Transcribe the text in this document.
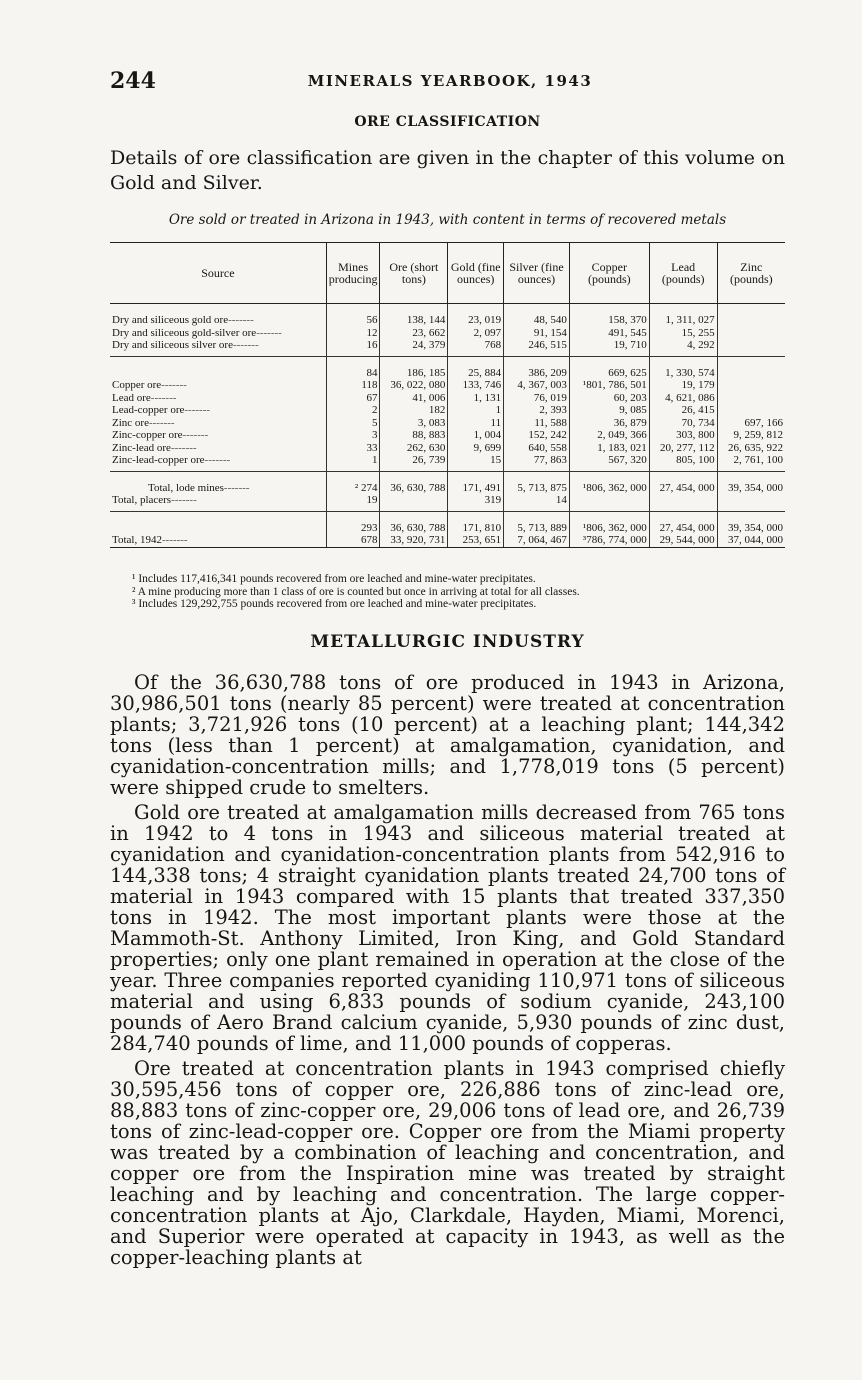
244	MINERALS YEARBOOK, 1943
ORE CLASSIFICATION
Details of ore classification are given in the chapter of this volume on Gold and Silver.
Ore sold or treated in Arizona in 1943, with content in terms of recovered metals
Source	Mines producing	Ore (short tons)	Gold (fine ounces)	Silver (fine ounces)	Copper (pounds)	Lead (pounds)	Zinc (pounds)
Dry and siliceous gold ore-------	56	138, 144	23, 019	48, 540	158, 370	1, 311, 027	
Dry and siliceous gold-silver ore-------	12	23, 662	2, 097	91, 154	491, 545	15, 255	
Dry and siliceous silver ore-------	16	24, 379	768	246, 515	19, 710	4, 292	
	84	186, 185	25, 884	386, 209	669, 625	1, 330, 574	
Copper ore-------	118	36, 022, 080	133, 746	4, 367, 003	¹801, 786, 501	19, 179	
Lead ore-------	67	41, 006	1, 131	76, 019	60, 203	4, 621, 086	
Lead-copper ore-------	2	182	1	2, 393	9, 085	26, 415	
Zinc ore-------	5	3, 083	11	11, 588	36, 879	70, 734	697, 166
Zinc-copper ore-------	3	88, 883	1, 004	152, 242	2, 049, 366	303, 800	9, 259, 812
Zinc-lead ore-------	33	262, 630	9, 699	640, 558	1, 183, 021	20, 277, 112	26, 635, 922
Zinc-lead-copper ore-------	1	26, 739	15	77, 863	567, 320	805, 100	2, 761, 100
Total, lode mines-------	² 274	36, 630, 788	171, 491	5, 713, 875	¹806, 362, 000	27, 454, 000	39, 354, 000
Total, placers-------	19		319	14			
	293	36, 630, 788	171, 810	5, 713, 889	¹806, 362, 000	27, 454, 000	39, 354, 000
Total, 1942-------	678	33, 920, 731	253, 651	7, 064, 467	³786, 774, 000	29, 544, 000	37, 044, 000
¹ Includes 117,416,341 pounds recovered from ore leached and mine-water precipitates.
² A mine producing more than 1 class of ore is counted but once in arriving at total for all classes.
³ Includes 129,292,755 pounds recovered from ore leached and mine-water precipitates.
METALLURGIC INDUSTRY

Of the 36,630,788 tons of ore produced in 1943 in Arizona, 30,986,501 tons (nearly 85 percent) were treated at concentration plants; 3,721,926 tons (10 percent) at a leaching plant; 144,342 tons (less than 1 percent) at amalgamation, cyanidation, and cyanidation-concentration mills; and 1,778,019 tons (5 percent) were shipped crude to smelters.

Gold ore treated at amalgamation mills decreased from 765 tons in 1942 to 4 tons in 1943 and siliceous material treated at cyanidation and cyanidation-concentration plants from 542,916 to 144,338 tons; 4 straight cyanidation plants treated 24,700 tons of material in 1943 compared with 15 plants that treated 337,350 tons in 1942. The most important plants were those at the Mammoth-St. Anthony Limited, Iron King, and Gold Standard properties; only one plant remained in operation at the close of the year. Three companies reported cyaniding 110,971 tons of siliceous material and using 6,833 pounds of sodium cyanide, 243,100 pounds of Aero Brand calcium cyanide, 5,930 pounds of zinc dust, 284,740 pounds of lime, and 11,000 pounds of copperas.

Ore treated at concentration plants in 1943 comprised chiefly 30,595,456 tons of copper ore, 226,886 tons of zinc-lead ore, 88,883 tons of zinc-copper ore, 29,006 tons of lead ore, and 26,739 tons of zinc-lead-copper ore. Copper ore from the Miami property was treated by a combination of leaching and concentration, and copper ore from the Inspiration mine was treated by straight leaching and by leaching and concentration. The large copper-concentration plants at Ajo, Clarkdale, Hayden, Miami, Morenci, and Superior were operated at capacity in 1943, as well as the copper-leaching plants at
